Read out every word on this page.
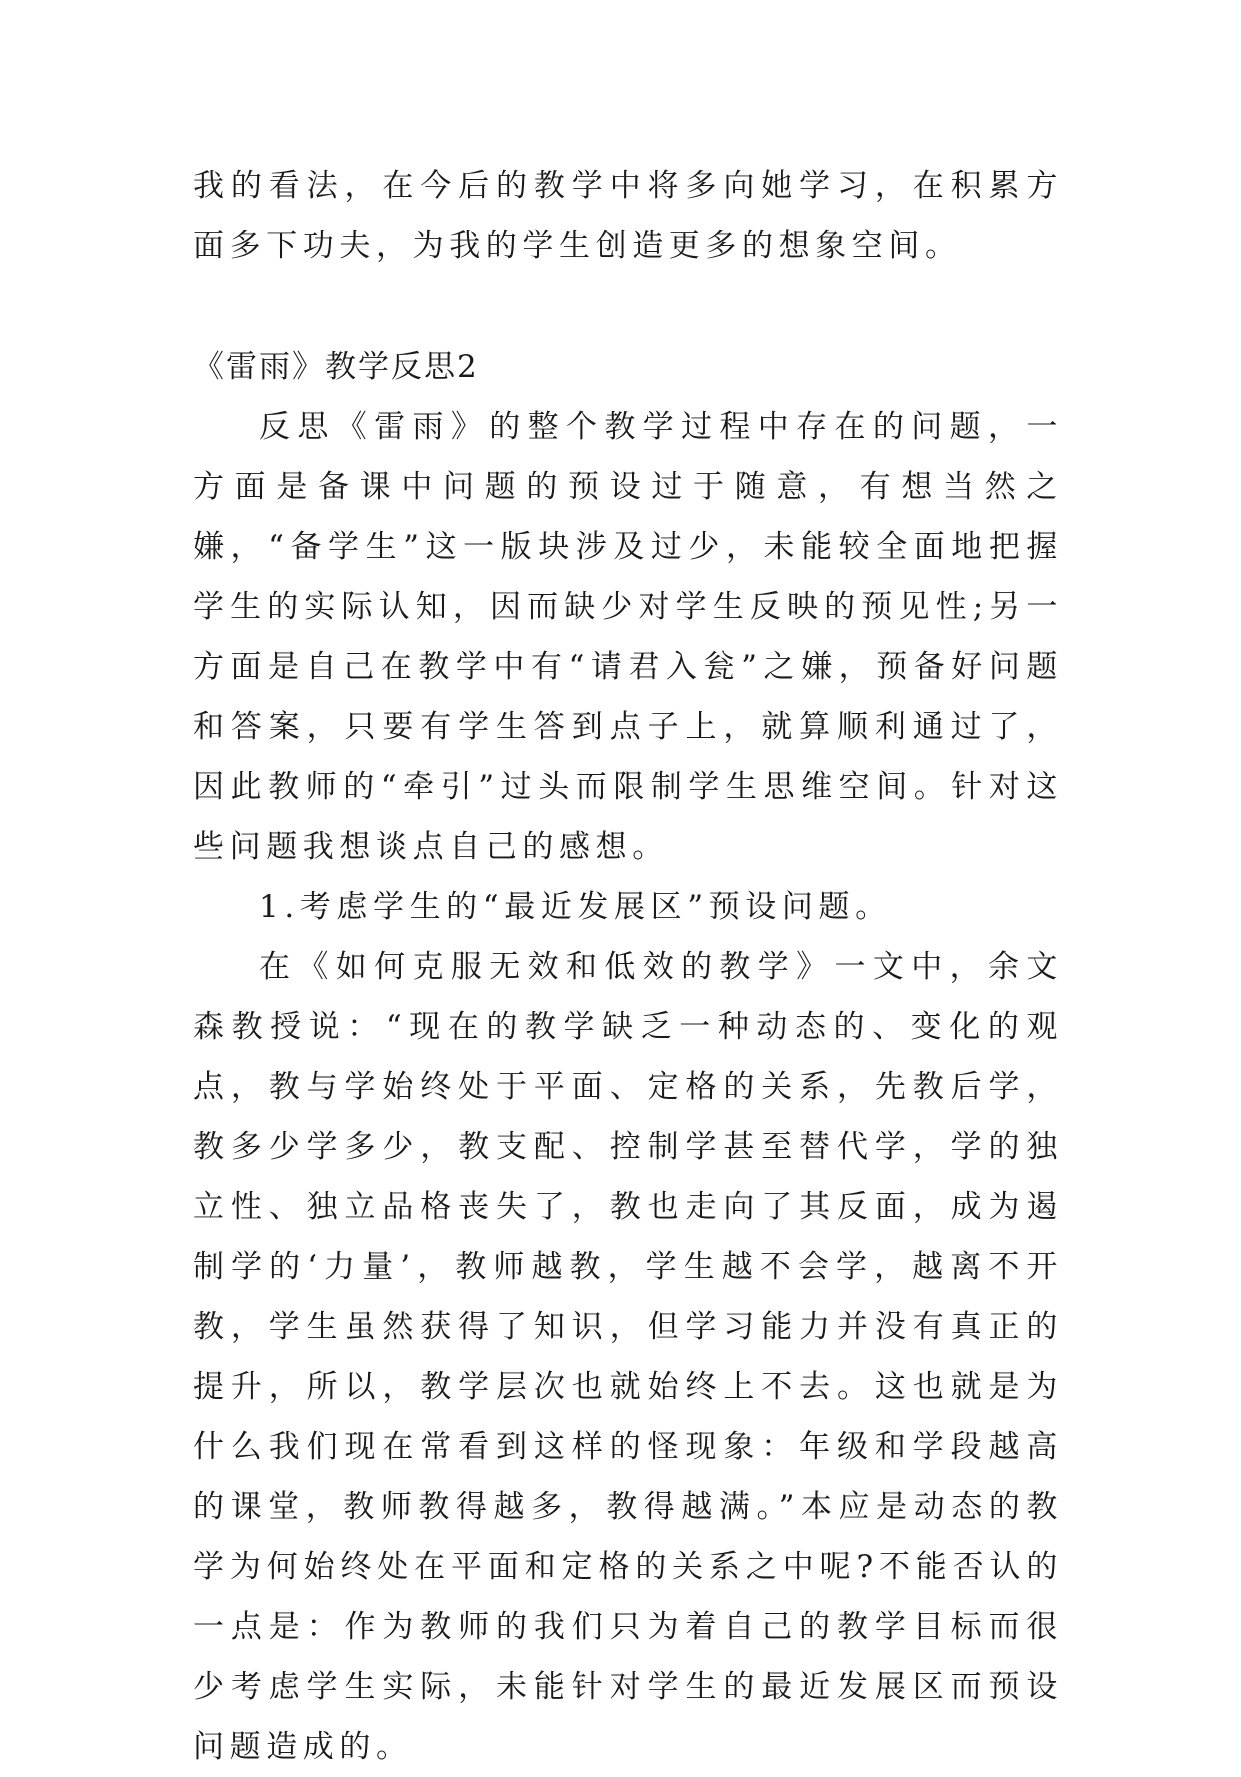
我的看法，在今后的教学中将多向她学习，在积累方面多下功夫，为我的学生创造更多的想象空间。

《雷雨》教学反思2

反思《雷雨》的整个教学过程中存在的问题，一方面是备课中问题的预设过于随意，有想当然之嫌，“备学生”这一版块涉及过少，未能较全面地把握学生的实际认知，因而缺少对学生反映的预见性;另一方面是自己在教学中有“请君入瓮”之嫌，预备好问题和答案，只要有学生答到点子上，就算顺利通过了，因此教师的“牵引”过头而限制学生思维空间。针对这些问题我想谈点自己的感想。

1.考虑学生的“最近发展区”预设问题。

在《如何克服无效和低效的教学》一文中，余文森教授说：“现在的教学缺乏一种动态的、变化的观点，教与学始终处于平面、定格的关系，先教后学，教多少学多少，教支配、控制学甚至替代学，学的独立性、独立品格丧失了，教也走向了其反面，成为遏制学的‘力量’，教师越教，学生越不会学，越离不开教，学生虽然获得了知识，但学习能力并没有真正的提升，所以，教学层次也就始终上不去。这也就是为什么我们现在常看到这样的怪现象：年级和学段越高的课堂，教师教得越多，教得越满。”本应是动态的教学为何始终处在平面和定格的关系之中呢?不能否认的一点是：作为教师的我们只为着自己的教学目标而很少考虑学生实际，未能针对学生的最近发展区而预设问题造成的。
